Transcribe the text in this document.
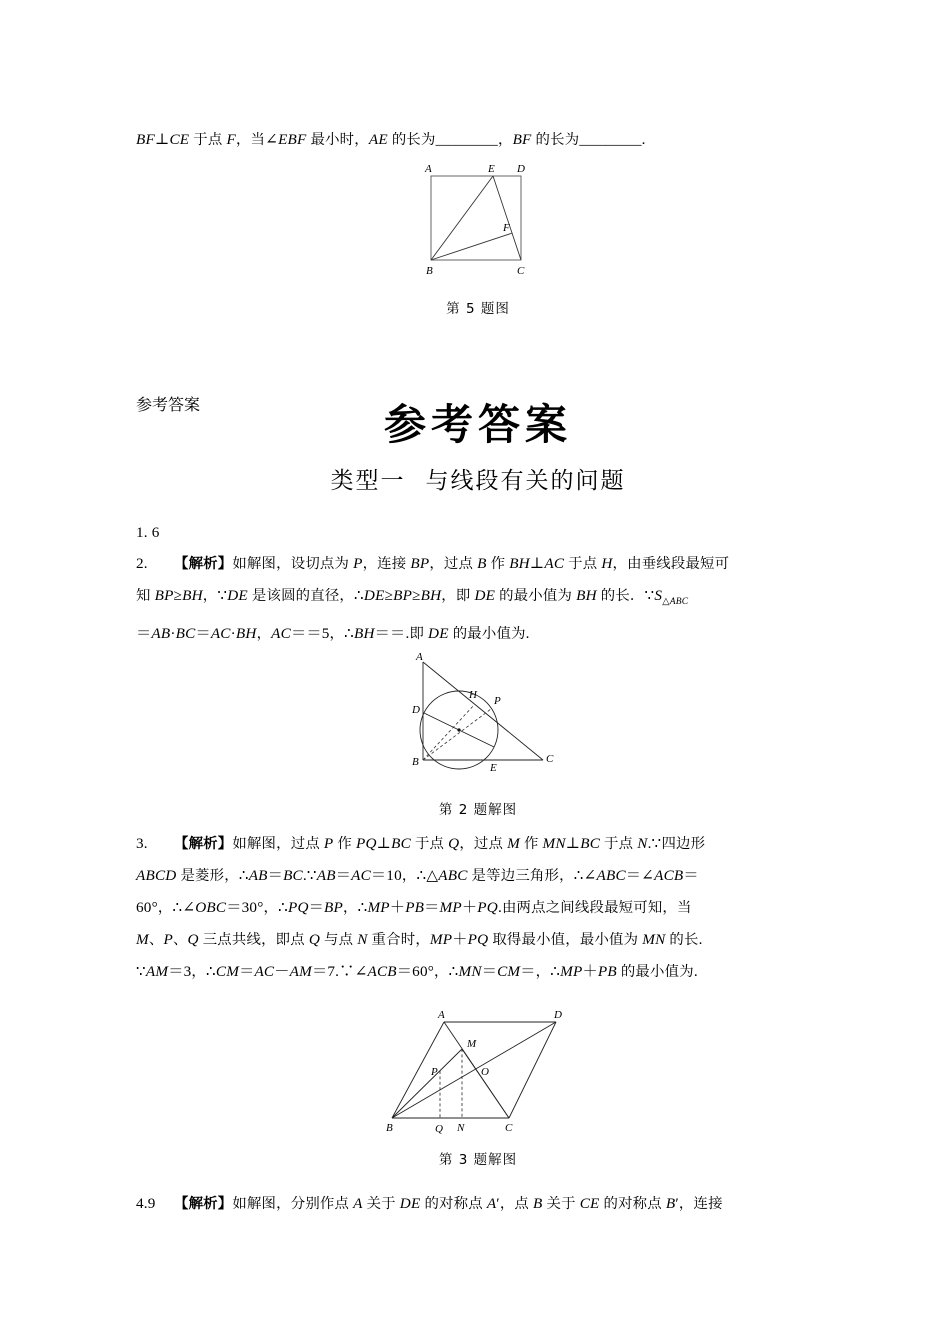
BF⊥CE 于点 F，当∠EBF 最小时，AE 的长为________，BF 的长为________.
A	E D
F
B	C
第 5 题图
参考答案	参考答案
类型一 与线段有关的问题
1. 6
2. 【解析】如解图，设切点为 P，连接 BP，过点 B 作 BH⊥AC 于点 H，由垂线段最短可
知 BP≥BH，∵DE 是该圆的直径，∴DE≥BP≥BH，即 DE 的最小值为 BH 的长．$\because S_{\triangle ABC}$
＝AB·BC＝AC·BH，AC＝＝5，∴BH＝＝.即 DE 的最小值为.
A
H P
D
B	E
C
第 2 题解图
3. 【解析】如解图，过点 P 作 PQ⊥BC 于点 Q，过点 M 作 MN⊥BC 于点 N.∵四边形
ABCD 是菱形，∴AB＝BC.∵AB＝AC＝10，∴△ABC 是等边三角形，∴∠ABC＝∠ACB＝
60°，∴∠OBC＝30°，∴PQ＝BP，∴MP＋PB＝MP＋PQ.由两点之间线段最短可知，当
M、P、Q 三点共线，即点 Q 与点 N 重合时，MP＋PQ 取得最小值，最小值为 MN 的长.
∵AM＝3，∴CM＝AC－AM＝7.∵∠ACB＝60°，∴MN＝CM＝，∴MP＋PB 的最小值为.
A	D
M
O
P
B	Q N	C
第 3 题解图
4.9 【解析】如解图，分别作点 A 关于 DE 的对称点 A′，点 B 关于 CE 的对称点 B′，连接
